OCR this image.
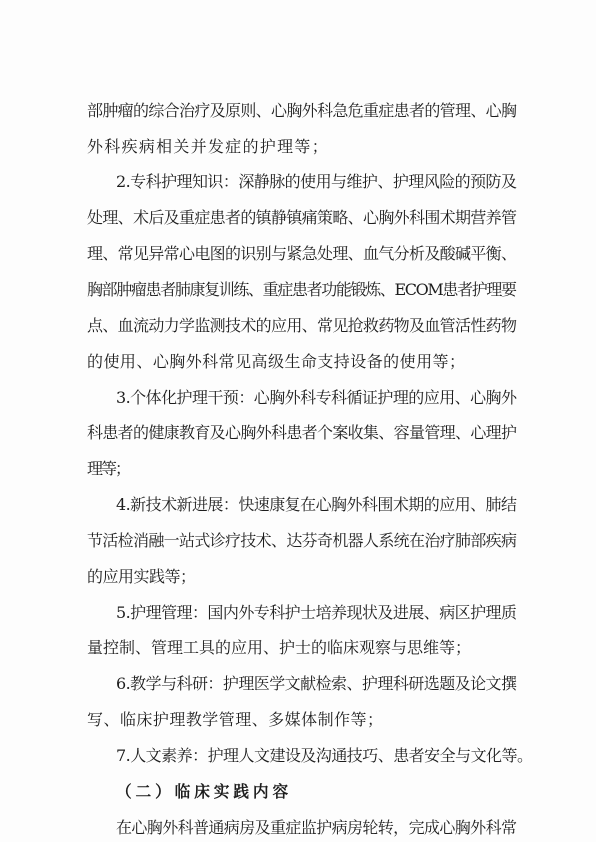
部肿瘤的综合治疗及原则、心胸外科急危重症患者的管理、心胸
外科疾病相关并发症的护理等；
2.专科护理知识：深静脉的使用与维护、护理风险的预防及
处理、术后及重症患者的镇静镇痛策略、心胸外科围术期营养管
理、常见异常心电图的识别与紧急处理、血气分析及酸碱平衡、
胸部肿瘤患者肺康复训练、重症患者功能锻炼、ECOM患者护理要
点、血流动力学监测技术的应用、常见抢救药物及血管活性药物
的使用、心胸外科常见高级生命支持设备的使用等；
3.个体化护理干预：心胸外科专科循证护理的应用、心胸外
科患者的健康教育及心胸外科患者个案收集、容量管理、心理护
理等；
4.新技术新进展：快速康复在心胸外科围术期的应用、肺结
节活检消融一站式诊疗技术、达芬奇机器人系统在治疗肺部疾病
的应用实践等；
5.护理管理：国内外专科护士培养现状及进展、病区护理质
量控制、管理工具的应用、护士的临床观察与思维等；
6.教学与科研：护理医学文献检索、护理科研选题及论文撰
写、临床护理教学管理、多媒体制作等；
7.人文素养：护理人文建设及沟通技巧、患者安全与文化等。
（二）临床实践内容
在心胸外科普通病房及重症监护病房轮转，完成心胸外科常
